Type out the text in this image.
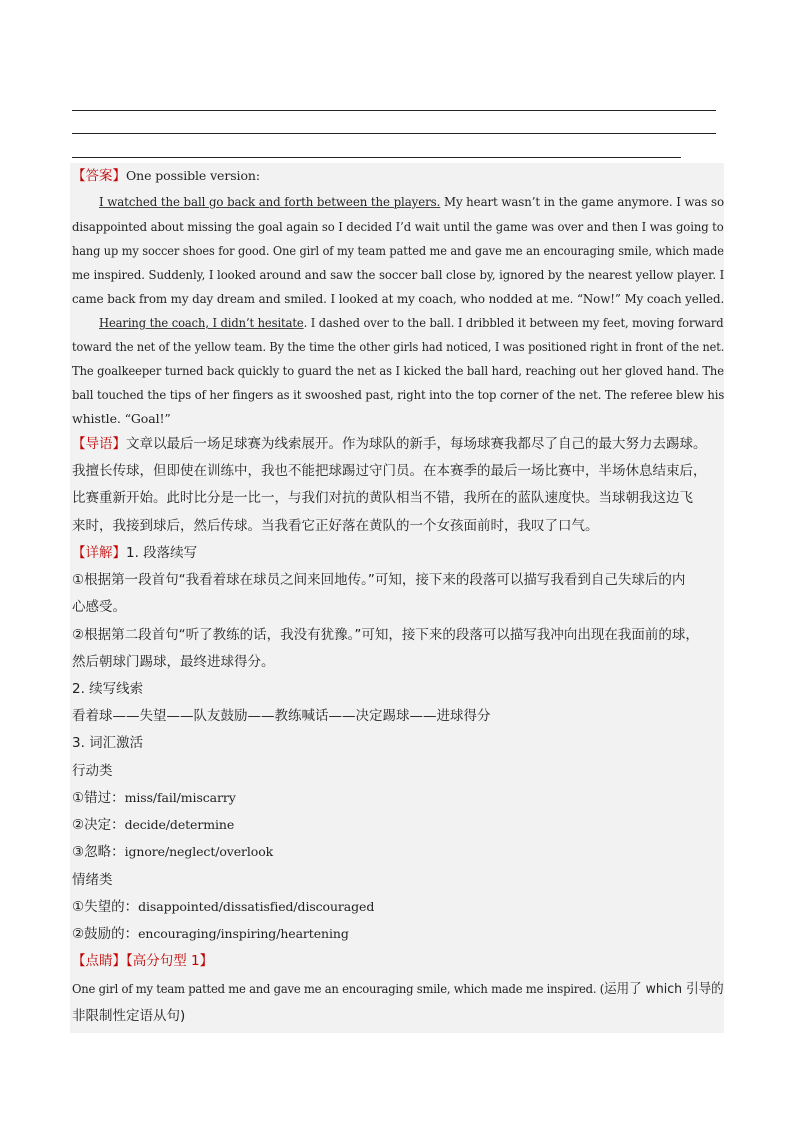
【答案】One possible version:
I watched the ball go back and forth between the players. My heart wasn’t in the game anymore. I was so
disappointed about missing the goal again so I decided I’d wait until the game was over and then I was going to
hang up my soccer shoes for good. One girl of my team patted me and gave me an encouraging smile, which made
me inspired. Suddenly, I looked around and saw the soccer ball close by, ignored by the nearest yellow player. I
came back from my day dream and smiled. I looked at my coach, who nodded at me. “Now!” My coach yelled.
Hearing the coach, I didn’t hesitate. I dashed over to the ball. I dribbled it between my feet, moving forward
toward the net of the yellow team. By the time the other girls had noticed, I was positioned right in front of the net.
The goalkeeper turned back quickly to guard the net as I kicked the ball hard, reaching out her gloved hand. The
ball touched the tips of her fingers as it swooshed past, right into the top corner of the net. The referee blew his
whistle. “Goal!”
【导语】文章以最后一场足球赛为线索展开。作为球队的新手，每场球赛我都尽了自己的最大努力去踢球。
我擅长传球，但即使在训练中，我也不能把球踢过守门员。在本赛季的最后一场比赛中，半场休息结束后，
比赛重新开始。此时比分是一比一，与我们对抗的黄队相当不错，我所在的蓝队速度快。当球朝我这边飞
来时，我接到球后，然后传球。当我看它正好落在黄队的一个女孩面前时，我叹了口气。
【详解】1. 段落续写
①根据第一段首句“我看着球在球员之间来回地传。”可知，接下来的段落可以描写我看到自己失球后的内
心感受。
②根据第二段首句“听了教练的话，我没有犹豫。”可知，接下来的段落可以描写我冲向出现在我面前的球，
然后朝球门踢球，最终进球得分。
2. 续写线索
看着球——失望——队友鼓励——教练喊话——决定踢球——进球得分
3. 词汇激活
行动类
①错过：miss/fail/miscarry
②决定：decide/determine
③忽略：ignore/neglect/overlook
情绪类
①失望的：disappointed/dissatisfied/discouraged
②鼓励的：encouraging/inspiring/heartening
【点睛】【高分句型 1】
One girl of my team patted me and gave me an encouraging smile, which made me inspired. (运用了 which 引导的
非限制性定语从句)
